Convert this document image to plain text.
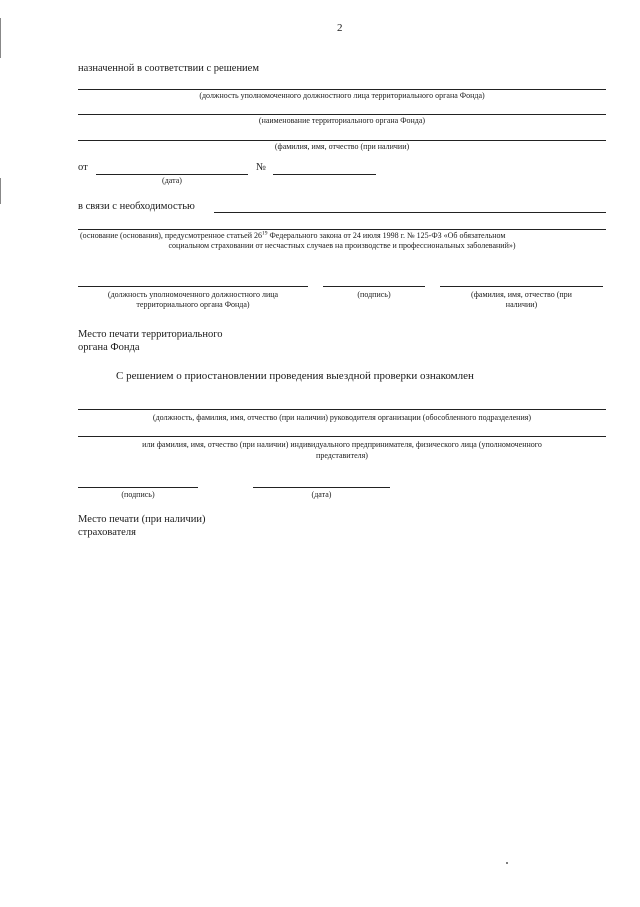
2
назначенной в соответствии с решением
(должность уполномоченного должностного лица территориального органа Фонда)
(наименование территориального органа Фонда)
(фамилия, имя, отчество (при наличии)
от
(дата)
№
в связи с необходимостью
(основание (основания), предусмотренное статьей $26^{19}$ Федерального закона от 24 июля 1998 г. № 125-ФЗ «Об обязательном
социальном страховании от несчастных случаев на производстве и профессиональных заболеваний»)
(должность уполномоченного должностного лица
территориального органа Фонда)
(подпись)	(фамилия, имя, отчество (при
наличии)
Место печати территориального
органа Фонда
С решением о приостановлении проведения выездной проверки ознакомлен
(должность, фамилия, имя, отчество (при наличии) руководителя организации (обособленного подразделения)
или фамилия, имя, отчество (при наличии) индивидуального предпринимателя, физического лица (уполномоченного
представителя)
(подпись)	(дата)
Место печати (при наличии)
страхователя
